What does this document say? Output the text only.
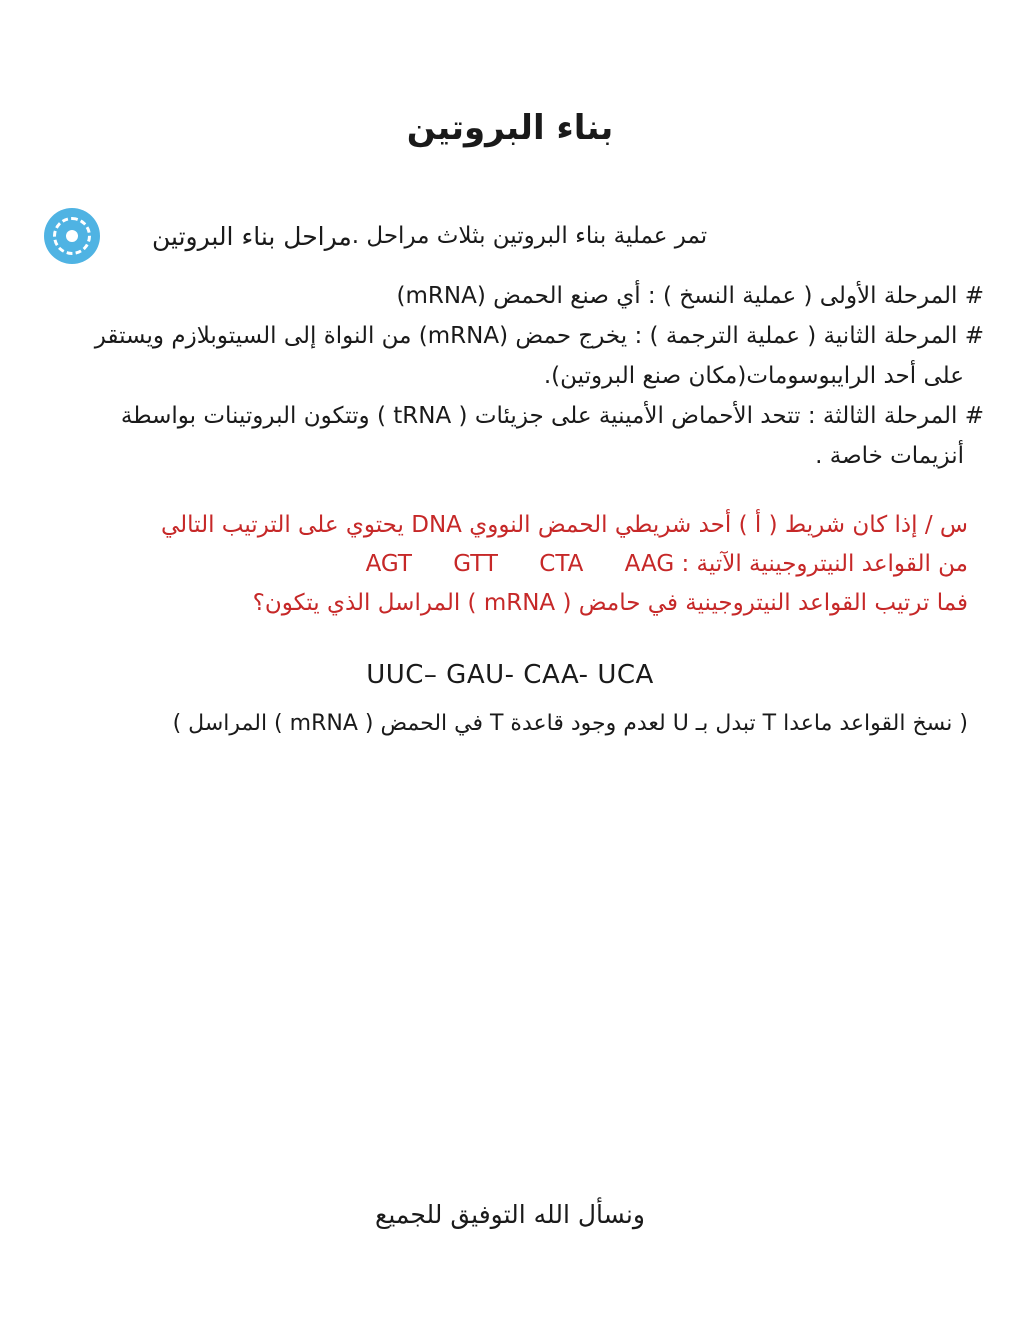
بناء البروتين
مراحل بناء البروتين تمر عملية بناء البروتين بثلاث مراحل .
# المرحلة الأولى ( عملية النسخ ) : أي صنع الحمض (mRNA)
# المرحلة الثانية ( عملية الترجمة ) : يخرج حمض (mRNA) من النواة إلى السيتوبلازم ويستقر
على أحد الرايبوسومات(مكان صنع البروتين).
# المرحلة الثالثة : تتحد الأحماض الأمينية على جزيئات ( tRNA ) وتتكون البروتينات بواسطة
أنزيمات خاصة .
س / إذا كان شريط ( أ ) أحد شريطي الحمض النووي DNA يحتوي على الترتيب التالي
من القواعد النيتروجينية الآتية : AGT GTT CTA AAG
فما ترتيب القواعد النيتروجينية في حامض ( mRNA ) المراسل الذي يتكون؟
UUC– GAU- CAA- UCA
( نسخ القواعد ماعدا T تبدل بـ U لعدم وجود قاعدة T في الحمض ( mRNA ) المراسل )
ونسأل الله التوفيق للجميع
